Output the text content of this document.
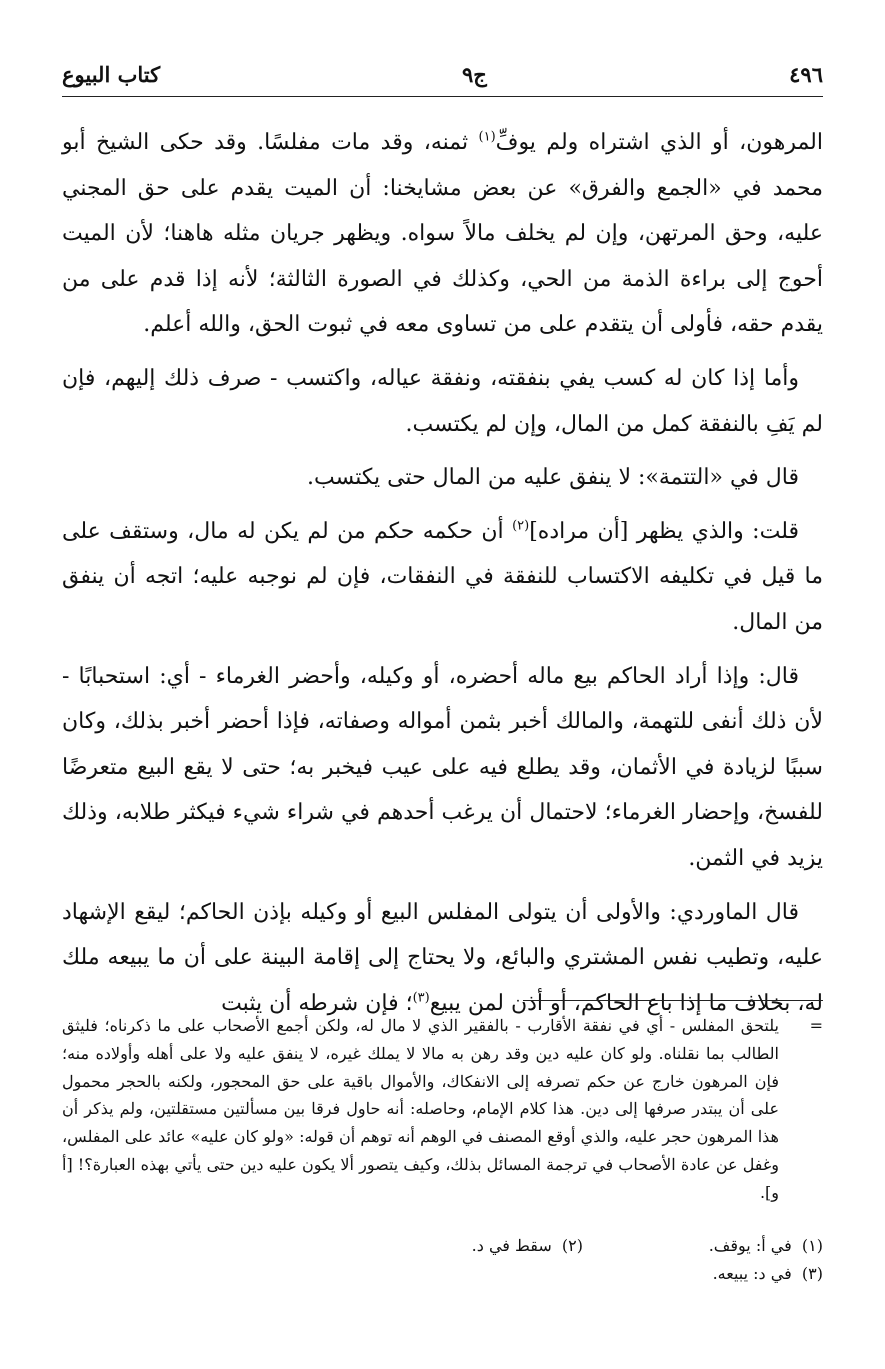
٤٩٦
ج٩
كتاب البيوع

المرهون، أو الذي اشتراه ولم يوفِّ$^{(١)}$ ثمنه، وقد مات مفلسًا. وقد حكى الشيخ أبو محمد في «الجمع والفرق» عن بعض مشايخنا: أن الميت يقدم على حق المجني عليه، وحق المرتهن، وإن لم يخلف مالاً سواه. ويظهر جريان مثله هاهنا؛ لأن الميت أحوج إلى براءة الذمة من الحي، وكذلك في الصورة الثالثة؛ لأنه إذا قدم على من يقدم حقه، فأولى أن يتقدم على من تساوى معه في ثبوت الحق، والله أعلم.

وأما إذا كان له كسب يفي بنفقته، ونفقة عياله، واكتسب - صرف ذلك إليهم، فإن لم يَفِ بالنفقة كمل من المال، وإن لم يكتسب.

قال في «التتمة»: لا ينفق عليه من المال حتى يكتسب.

قلت: والذي يظهر [أن مراده]$^{(٢)}$ أن حكمه حكم من لم يكن له مال، وستقف على ما قيل في تكليفه الاكتساب للنفقة في النفقات، فإن لم نوجبه عليه؛ اتجه أن ينفق من المال.

قال: وإذا أراد الحاكم بيع ماله أحضره، أو وكيله، وأحضر الغرماء - أي: استحبابًا - لأن ذلك أنفى للتهمة، والمالك أخبر بثمن أمواله وصفاته، فإذا أحضر أخبر بذلك، وكان سببًا لزيادة في الأثمان، وقد يطلع فيه على عيب فيخبر به؛ حتى لا يقع البيع متعرضًا للفسخ، وإحضار الغرماء؛ لاحتمال أن يرغب أحدهم في شراء شيء فيكثر طلابه، وذلك يزيد في الثمن.

قال الماوردي: والأولى أن يتولى المفلس البيع أو وكيله بإذن الحاكم؛ ليقع الإشهاد عليه، وتطيب نفس المشتري والبائع، ولا يحتاج إلى إقامة البينة على أن ما يبيعه ملك له، بخلاف ما إذا باع الحاكم، أو أذن لمن يبيع$^{(٣)}$؛ فإن شرطه أن يثبت

=
يلتحق المفلس - أي في نفقة الأقارب - بالفقير الذي لا مال له، ولكن أجمع الأصحاب على ما ذكرناه؛ فليثق الطالب بما نقلناه. ولو كان عليه دين وقد رهن به مالا لا يملك غيره، لا ينفق عليه ولا على أهله وأولاده منه؛ فإن المرهون خارج عن حكم تصرفه إلى الانفكاك، والأموال باقية على حق المحجور، ولكنه بالحجر محمول على أن يبتدر صرفها إلى دين. هذا كلام الإمام، وحاصله: أنه حاول فرقا بين مسألتين مستقلتين، ولم يذكر أن هذا المرهون حجر عليه، والذي أوقع المصنف في الوهم أنه توهم أن قوله: «ولو كان عليه» عائد على المفلس، وغفل عن عادة الأصحاب في ترجمة المسائل بذلك، وكيف يتصور ألا يكون عليه دين حتى يأتي بهذه العبارة؟! [أ و].
(١)  في أ: يوقف.
(٢)  سقط في د.
(٣)  في د: يبيعه.
